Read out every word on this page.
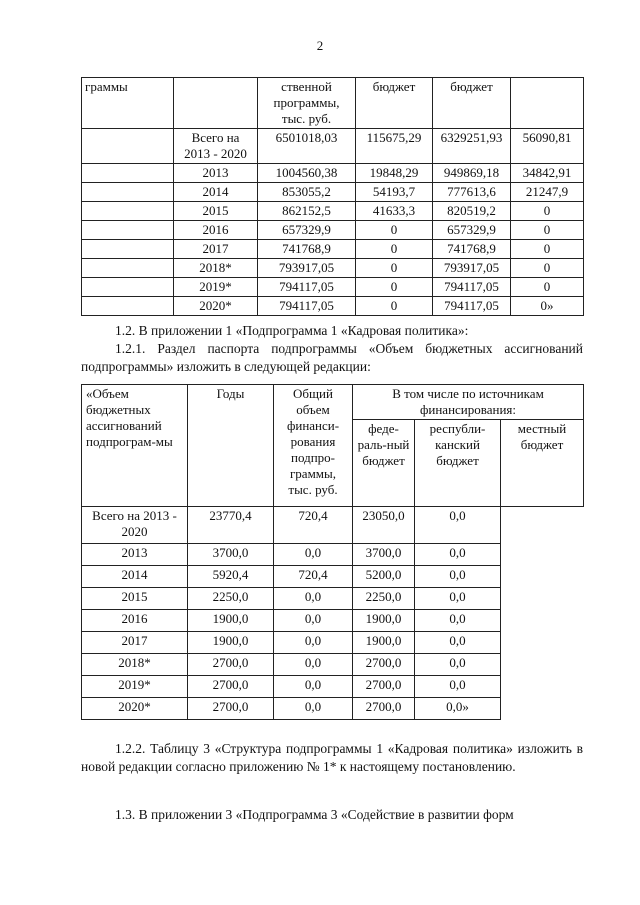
2
граммы		ственной программы, тыс. руб.	бюджет	бюджет	
	Всего на 2013 - 2020	6501018,03	115675,29	6329251,93	56090,81
	2013	1004560,38	19848,29	949869,18	34842,91
	2014	853055,2	54193,7	777613,6	21247,9
	2015	862152,5	41633,3	820519,2	0
	2016	657329,9	0	657329,9	0
	2017	741768,9	0	741768,9	0
	2018*	793917,05	0	793917,05	0
	2019*	794117,05	0	794117,05	0
	2020*	794117,05	0	794117,05	0»
1.2. В приложении 1 «Подпрограмма 1 «Кадровая политика»:
1.2.1. Раздел паспорта подпрограммы «Объем бюджетных ассигнований подпрограммы» изложить в следующей редакции:
«Объем бюджетных ассигнований подпрограм-мы	Годы	Общий объем финанси-рования подпро-граммы, тыс. руб.	В том числе по источникам финансирования:
феде-раль-ный бюджет	республи-канский бюджет	местный бюджет
Всего на 2013 - 2020	23770,4	720,4	23050,0	0,0
2013	3700,0	0,0	3700,0	0,0
2014	5920,4	720,4	5200,0	0,0
2015	2250,0	0,0	2250,0	0,0
2016	1900,0	0,0	1900,0	0,0
2017	1900,0	0,0	1900,0	0,0
2018*	2700,0	0,0	2700,0	0,0
2019*	2700,0	0,0	2700,0	0,0
2020*	2700,0	0,0	2700,0	0,0»
1.2.2. Таблицу 3 «Структура подпрограммы 1 «Кадровая политика» изложить в новой редакции согласно приложению № 1* к настоящему постановлению.
1.3. В приложении 3 «Подпрограмма 3 «Содействие в развитии форм
